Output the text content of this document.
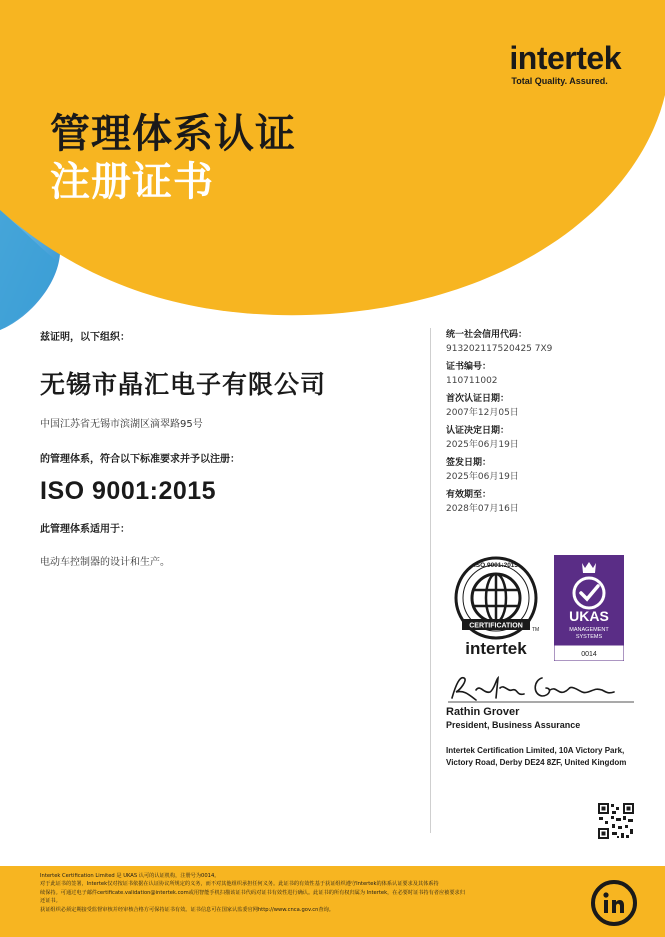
intertek
Total Quality. Assured.
管理体系认证
注册证书
兹证明，以下组织：
无锡市晶汇电子有限公司
中国江苏省无锡市滨湖区滴翠路95号
的管理体系，符合以下标准要求并予以注册：
ISO 9001:2015
此管理体系适用于：
电动车控制器的设计和生产。
统一社会信用代码：
913202117520425 7X9
证书编号：
110711002
首次认证日期：
2007年12月05日
认证决定日期：
2025年06月19日
签发日期：
2025年06月19日
有效期至：
2028年07月16日
CERTIFICATION
ISO 9001:2015
TM
intertek
UKAS
MANAGEMENT
SYSTEMS
0014
Rathin Grover
President, Business Assurance
Intertek Certification Limited, 10A Victory Park, Victory Road, Derby DE24 8ZF, United Kingdom
Intertek Certification Limited 是 UKAS 认可的认证机构，注册号为0014。
对于此证书的签署，Intertek仅对按证书依据在认证协议所规定的义务，而不对其他组织承担任何义务。此证书的有效性基于获证组织遵守Intertek的体系认证要求及其体系持
续保持。可通过电子邮件certificate.validation@intertek.com或用智能手机扫描该证书代码对证书有效性进行确认。此证书的所有权归属为 Intertek，在必要时证书持有者应被要求归
还证书。
获证组织必须定期接受监督审核并经审核合格方可保持证书有效。证书信息可在国家认监委官网http://www.cnca.gov.cn查询。
